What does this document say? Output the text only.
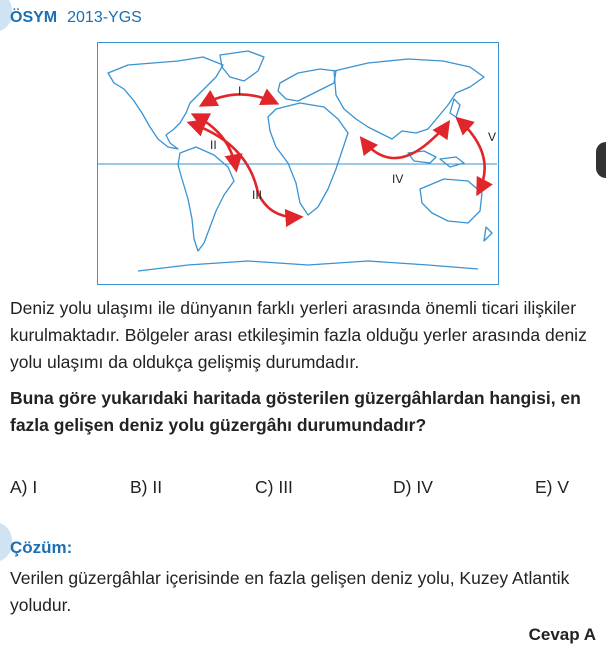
ÖSYM 2013-YGS
I
II
III
IV
V

Deniz yolu ulaşımı ile dünyanın farklı yerleri arasında önemli ticari ilişkiler kurulmaktadır. Bölgeler arası etkileşimin fazla olduğu yerler arasında deniz yolu ulaşımı da oldukça gelişmiş durumdadır.

Buna göre yukarıdaki haritada gösterilen güzergâhlardan hangisi, en fazla gelişen deniz yolu güzergâhı durumundadır?

A) I	B) II	C) III	D) IV	E) V
Çözüm:

Verilen güzergâhlar içerisinde en fazla gelişen deniz yolu, Kuzey Atlantik yoludur.

Cevap A
